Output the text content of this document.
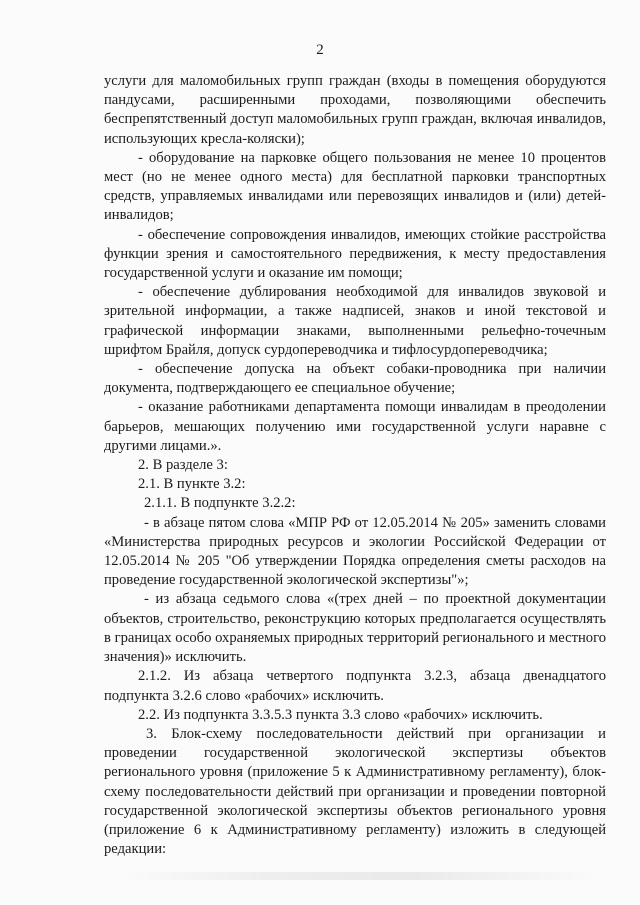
2

услуги для маломобильных групп граждан (входы в помещения оборудуются пандусами, расширенными проходами, позволяющими обеспечить беспрепятственный доступ маломобильных групп граждан, включая инвалидов, использующих кресла-коляски);

- оборудование на парковке общего пользования не менее 10 процентов мест (но не менее одного места) для бесплатной парковки транспортных средств, управляемых инвалидами или перевозящих инвалидов и (или) детей-инвалидов;

- обеспечение сопровождения инвалидов, имеющих стойкие расстройства функции зрения и самостоятельного передвижения, к месту предоставления государственной услуги и оказание им помощи;

- обеспечение дублирования необходимой для инвалидов звуковой и зрительной информации, а также надписей, знаков и иной текстовой и графической информации знаками, выполненными рельефно-точечным шрифтом Брайля, допуск сурдопереводчика и тифлосурдопереводчика;

- обеспечение допуска на объект собаки-проводника при наличии документа, подтверждающего ее специальное обучение;

- оказание работниками департамента помощи инвалидам в преодолении барьеров, мешающих получению ими государственной услуги наравне с другими лицами.».

2. В разделе 3:

2.1. В пункте 3.2:

2.1.1. В подпункте 3.2.2:

- в абзаце пятом слова «МПР РФ от 12.05.2014 № 205» заменить словами «Министерства природных ресурсов и экологии Российской Федерации от 12.05.2014 № 205 "Об утверждении Порядка определения сметы расходов на проведение государственной экологической экспертизы"»;

- из абзаца седьмого слова «(трех дней – по проектной документации объектов, строительство, реконструкцию которых предполагается осуществлять в границах особо охраняемых природных территорий регионального и местного значения)» исключить.

2.1.2. Из абзаца четвертого подпункта 3.2.3, абзаца двенадцатого подпункта 3.2.6 слово «рабочих» исключить.

2.2. Из подпункта 3.3.5.3 пункта 3.3 слово «рабочих» исключить.

3. Блок-схему последовательности действий при организации и проведении государственной экологической экспертизы объектов регионального уровня (приложение 5 к Административному регламенту), блок-схему последовательности действий при организации и проведении повторной государственной экологической экспертизы объектов регионального уровня (приложение 6 к Административному регламенту) изложить в следующей редакции:
